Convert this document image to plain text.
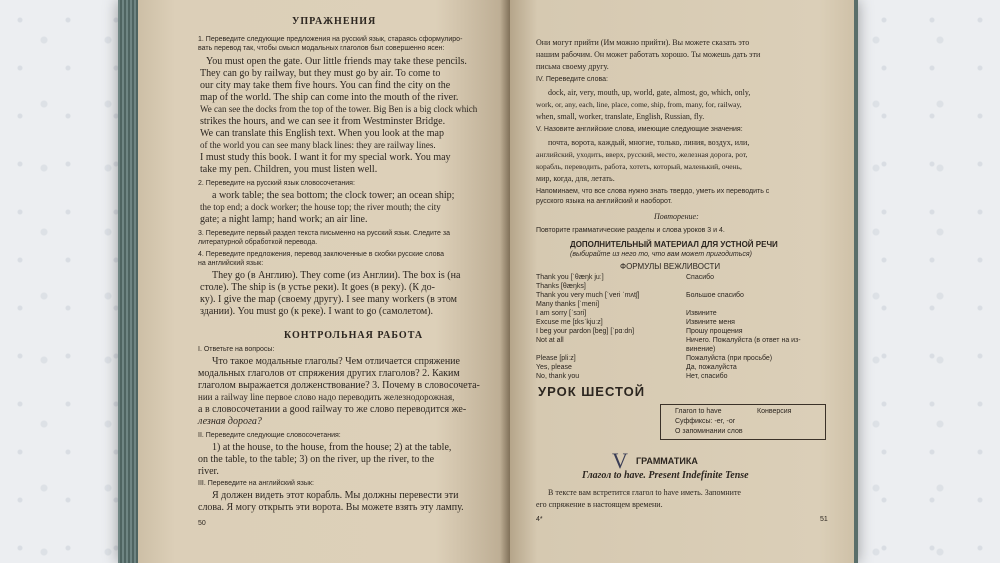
УПРАЖНЕНИЯ
1. Переведите следующие предложения на русский язык, стараясь сформулиро-
вать перевод так, чтобы смысл модальных глаголов был совершенно ясен:
You must open the gate. Our little friends may take these pencils.
They can go by railway, but they must go by air. To come to
our city may take them five hours. You can find the city on the
map of the world. The ship can come into the mouth of the river.
We can see the docks from the top of the tower. Big Ben is a big clock which
strikes the hours, and we can see it from Westminster Bridge.
We can translate this English text. When you look at the map
of the world you can see many black lines: they are railway lines.
I must study this book. I want it for my special work. You may
take my pen. Children, you must listen well.
2. Переведите на русский язык словосочетания:
a work table; the sea bottom; the clock tower; an ocean ship;
the top end; a dock worker; the house top; the river mouth; the city
gate; a night lamp; hand work; an air line.
3. Переведите первый раздел текста письменно на русский язык. Следите за
литературной обработкой перевода.
4. Переведите предложения, перевод заключенные в скобки русские слова
на английский язык:
They go (в Англию). They come (из Англии). The box is (на
столе). The ship is (в устье реки). It goes (в реку). (К до-
ку). I give the map (своему другу). I see many workers (в этом
здании). You must go (к реке). I want to go (самолетом).
КОНТРОЛЬНАЯ РАБОТА
I. Ответьте на вопросы:
Что такое модальные глаголы? Чем отличается спряжение
модальных глаголов от спряжения других глаголов? 2. Каким
глаголом выражается долженствование? 3. Почему в словосочета-
нии a railway line первое слово надо переводить железнодорожная,
а в словосочетании a good railway то же слово переводится же-
лезная дорога?
II. Переведите следующие словосочетания:
1) at the house, to the house, from the house; 2) at the table,
on the table, to the table; 3) on the river, up the river, to the
river.
III. Переведите на английский язык:
Я должен видеть этот корабль. Мы должны перевести эти
слова. Я могу открыть эти ворота. Вы можете взять эту лампу.
50
Они могут прийти (Им можно прийти). Вы можете сказать это
нашим рабочим. Он может работать хорошо. Ты можешь дать эти
письма своему другу.
IV. Переведите слова:
dock, air, very, mouth, up, world, gate, almost, go, which, only,
work, or, any, each, line, place, come, ship, from, many, for, railway,
when, small, worker, translate, English, Russian, fly.
V. Назовите английские слова, имеющие следующие значения:
почта, ворота, каждый, многие, только, линия, воздух, или,
английский, уходить, вверх, русский, место, железная дорога, рот,
корабль, переводить, работа, хотеть, который, маленький, очень,
мир, когда, для, летать.
Напоминаем, что все слова нужно знать твердо, уметь их переводить с
русского языка на английский и наоборот.
Повторение:
Повторите грамматические разделы и слова уроков 3 и 4.
ДОПОЛНИТЕЛЬНЫЙ МАТЕРИАЛ ДЛЯ УСТНОЙ РЕЧИ
(выбирайте из него то, что вам может пригодиться)
ФОРМУЛЫ ВЕЖЛИВОСТИ
Thank you [ˈθæŋk juː]	Спасибо
Thanks [θæŋks]
Thank you very much [ˈveri ˈmʌtʃ]	Большое спасибо
Many thanks [ˈmeni]
I am sorry [ˈsɔri]	Извините
Excuse me [ɪksˈkjuːz]	Извините меня
I beg your pardon [beg] [ˈpɑːdn]	Прошу прощения
Not at all	Ничего. Пожалуйста (в ответ на из-
винение)
Please [pliːz]	Пожалуйста (при просьбе)
Yes, please	Да, пожалуйста
No, thank you	Нет, спасибо
УРОК ШЕСТОЙ
Глагол to have	Конверсия
Суффиксы: -er, -or
О запоминании слов
V ГРАММАТИКА
Глагол to have. Present Indefinite Tense
В тексте вам встретится глагол to have иметь. Запомните
его спряжение в настоящем времени.
4*	51
